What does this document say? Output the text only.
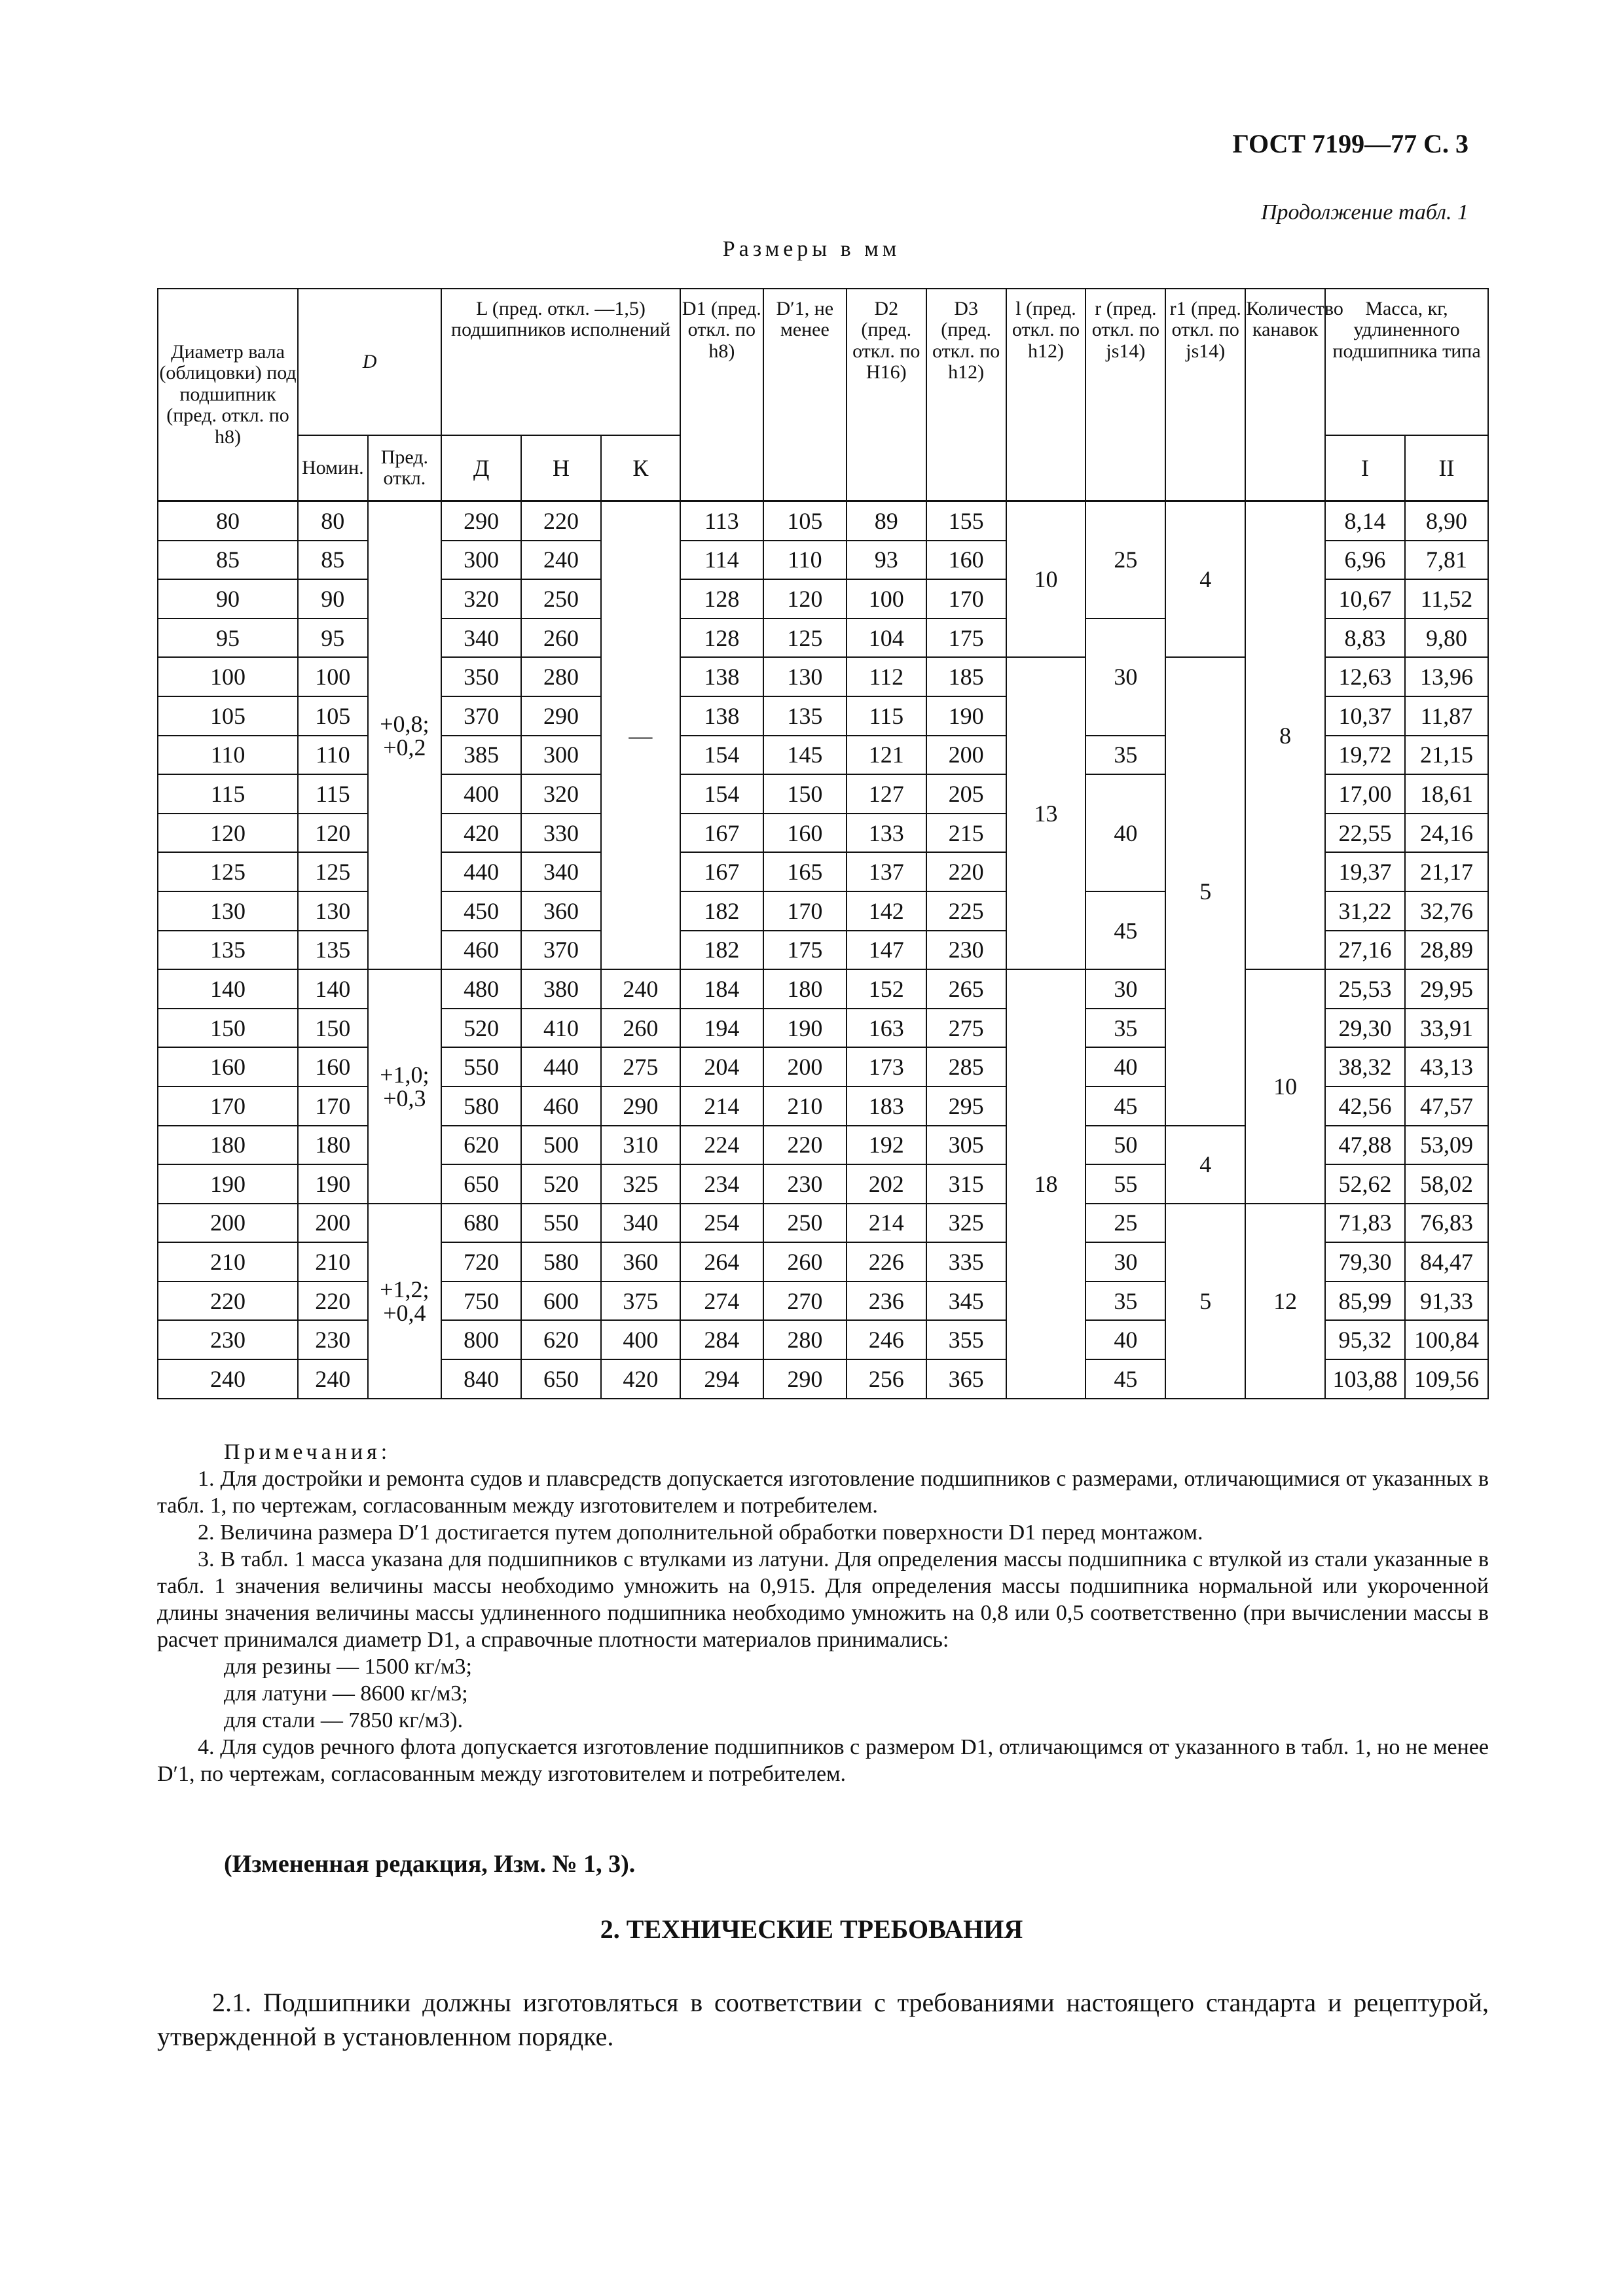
ГОСТ 7199—77 С. 3
Продолжение табл. 1
Размеры в мм
Диаметр вала (облицовки) под подшипник (пред. откл. по h8)	D		L (пред. откл. —1,5) подшипников исполнений			D1 (пред. откл. по h8)	D′1, не менее	D2 (пред. откл. по H16)	D3 (пред. откл. по h12)	l (пред. откл. по h12)	r (пред. откл. по js14)	r1 (пред. откл. по js14)	Количество канавок	Масса, кг, удлиненного подшипника типа	
	Номин.	Пред. откл.	Д	Н	К									I	II
80	80	+0,8; +0,2	290	220	—	113	105	89	155	10	25	4	8	8,14	8,90
85	85		300	240		114	110	93	160					6,96	7,81
90	90		320	250		128	120	100	170					10,67	11,52
95	95		340	260		128	125	104	175		30			8,83	9,80
100	100		350	280		138	130	112	185	13		5		12,63	13,96
105	105		370	290		138	135	115	190					10,37	11,87
110	110		385	300		154	145	121	200		35			19,72	21,15
115	115		400	320		154	150	127	205		40			17,00	18,61
120	120		420	330		167	160	133	215					22,55	24,16
125	125		440	340		167	165	137	220					19,37	21,17
130	130		450	360		182	170	142	225		45			31,22	32,76
135	135		460	370		182	175	147	230					27,16	28,89
140	140	+1,0; +0,3	480	380	240	184	180	152	265	18	30		10	25,53	29,95
150	150		520	410	260	194	190	163	275		35			29,30	33,91
160	160		550	440	275	204	200	173	285		40			38,32	43,13
170	170		580	460	290	214	210	183	295		45			42,56	47,57
180	180		620	500	310	224	220	192	305		50	4		47,88	53,09
190	190		650	520	325	234	230	202	315		55			52,62	58,02
200	200	+1,2; +0,4	680	550	340	254	250	214	325		25	5	12	71,83	76,83
210	210		720	580	360	264	260	226	335		30			79,30	84,47
220	220		750	600	375	274	270	236	345		35			85,99	91,33
230	230		800	620	400	284	280	246	355		40			95,32	100,84
240	240		840	650	420	294	290	256	365		45			103,88	109,56

Примечания:

1. Для достройки и ремонта судов и плавсредств допускается изготовление подшипников с размерами, отличающимися от указанных в табл. 1, по чертежам, согласованным между изготовителем и потребителем.

2. Величина размера D′1 достигается путем дополнительной обработки поверхности D1 перед монтажом.

3. В табл. 1 масса указана для подшипников с втулками из латуни. Для определения массы подшипника с втулкой из стали указанные в табл. 1 значения величины массы необходимо умножить на 0,915. Для определения массы подшипника нормальной или укороченной длины значения величины массы удлиненного подшипника необходимо умножить на 0,8 или 0,5 соответственно (при вычислении массы в расчет принимался диаметр D1, а справочные плотности материалов принимались:

для резины — 1500 кг/м3;

для латуни — 8600 кг/м3;

для стали — 7850 кг/м3).

4. Для судов речного флота допускается изготовление подшипников с размером D1, отличающимся от указанного в табл. 1, но не менее D′1, по чертежам, согласованным между изготовителем и потребителем.

(Измененная редакция, Изм. № 1, 3).
2. ТЕХНИЧЕСКИЕ ТРЕБОВАНИЯ

2.1. Подшипники должны изготовляться в соответствии с требованиями настоящего стандарта и рецептурой, утвержденной в установленном порядке.
